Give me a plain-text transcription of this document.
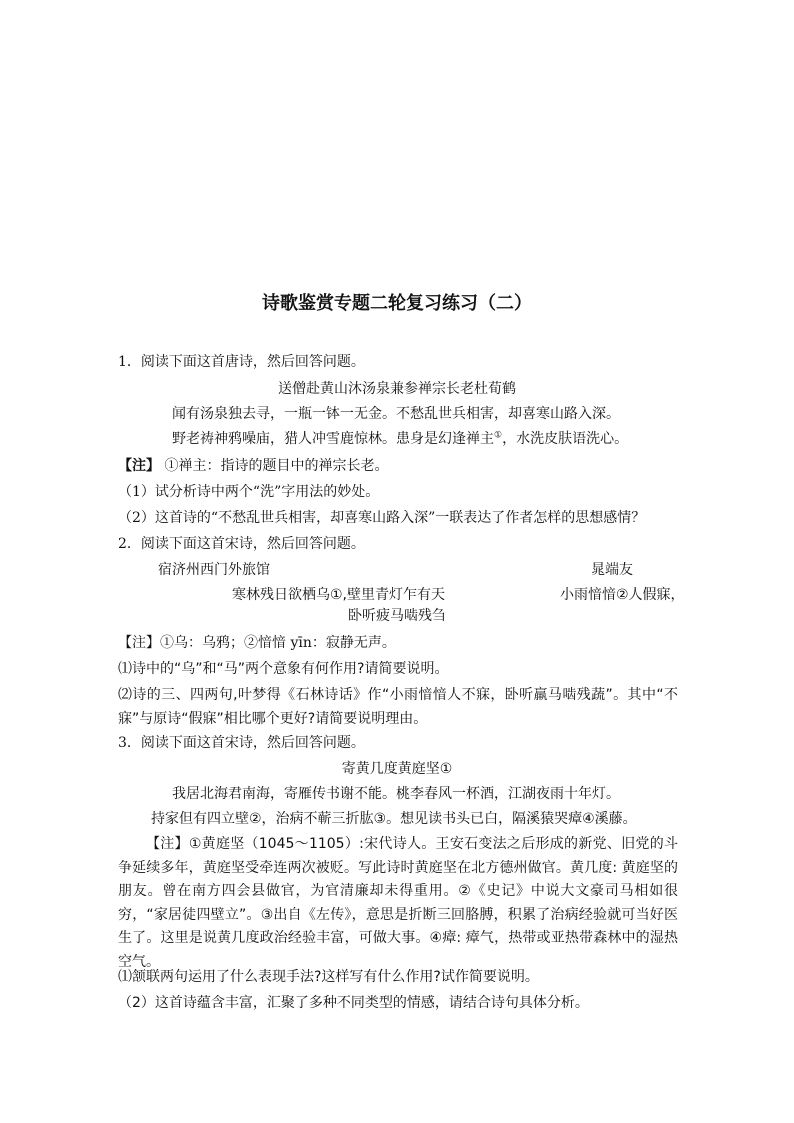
诗歌鉴赏专题二轮复习练习（二）
1．阅读下面这首唐诗，然后回答问题。
送僧赴黄山沐汤泉兼参禅宗长老杜荀鹤
闻有汤泉独去寻，一瓶一钵一无金。不愁乱世兵相害，却喜寒山路入深。
野老祷神鸦噪庙，猎人冲雪鹿惊林。患身是幻逢禅主①，水洗皮肤语洗心。
【注】 ①禅主：指诗的题目中的禅宗长老。
（1）试分析诗中两个“洗”字用法的妙处。
（2）这首诗的“不愁乱世兵相害，却喜寒山路入深”一联表达了作者怎样的思想感情？
2．阅读下面这首宋诗，然后回答问题。
宿济州西门外旅馆	晁端友
寒林残日欲栖乌①,壁里青灯乍有天	小雨愔愔②人假寐，
卧听疲马啮残刍
【注】①乌：乌鸦；②愔愔 yīn：寂静无声。
⑴诗中的“乌”和“马”两个意象有何作用?请简要说明。
⑵诗的三、四两句,叶梦得《石林诗话》作“小雨愔愔人不寐，卧听羸马啮残蔬”。其中“不寐”与原诗“假寐”相比哪个更好?请简要说明理由。
3．阅读下面这首宋诗，然后回答问题。
寄黄几度黄庭坚①
我居北海君南海，寄雁传书谢不能。桃李春风一杯酒，江湖夜雨十年灯。
持家但有四立壁②，治病不蕲三折肱③。想见读书头已白，隔溪猿哭瘴④溪藤。
【注】①黄庭坚（1045～1105）:宋代诗人。王安石变法之后形成的新党、旧党的斗争延续多年，黄庭坚受牵连两次被贬。写此诗时黄庭坚在北方德州做官。黄几度: 黄庭坚的朋友。曾在南方四会县做官，为官清廉却未得重用。②《史记》中说大文豪司马相如很穷，“家居徒四壁立”。③出自《左传》，意思是折断三回胳膊，积累了治病经验就可当好医生了。这里是说黄几度政治经验丰富，可做大事。④瘴: 瘴气，热带或亚热带森林中的湿热空气。
⑴颔联两句运用了什么表现手法?这样写有什么作用?试作简要说明。
（2）这首诗蕴含丰富，汇聚了多种不同类型的情感，请结合诗句具体分析。
